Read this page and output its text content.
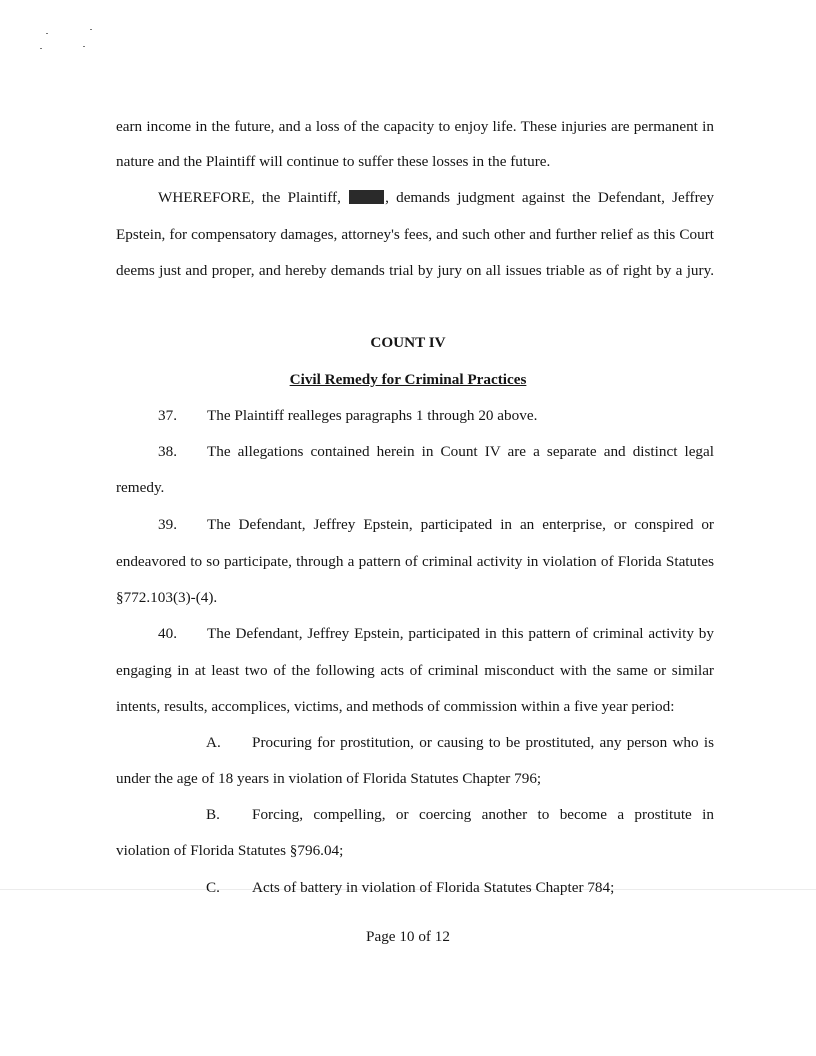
earn income in the future, and a loss of the capacity to enjoy life. These injuries are permanent in
nature and the Plaintiff will continue to suffer these losses in the future.
WHEREFORE, the Plaintiff,	, demands judgment against the Defendant, Jeffrey
Epstein, for compensatory damages, attorney's fees, and such other and further relief as this Court
deems just and proper, and hereby demands trial by jury on all issues triable as of right by a jury.
COUNT IV
Civil Remedy for Criminal Practices
37. The Plaintiff realleges paragraphs 1 through 20 above.
38. The allegations contained herein in Count IV are a separate and distinct legal
remedy.
39. The Defendant, Jeffrey Epstein, participated in an enterprise, or conspired or
endeavored to so participate, through a pattern of criminal activity in violation of Florida Statutes
§772.103(3)-(4).
40. The Defendant, Jeffrey Epstein, participated in this pattern of criminal activity by
engaging in at least two of the following acts of criminal misconduct with the same or similar
intents, results, accomplices, victims, and methods of commission within a five year period:
A. Procuring for prostitution, or causing to be prostituted, any person who is
under the age of 18 years in violation of Florida Statutes Chapter 796;
B. Forcing, compelling, or coercing another to become a prostitute in
violation of Florida Statutes §796.04;
C. Acts of battery in violation of Florida Statutes Chapter 784;
Page 10 of 12
